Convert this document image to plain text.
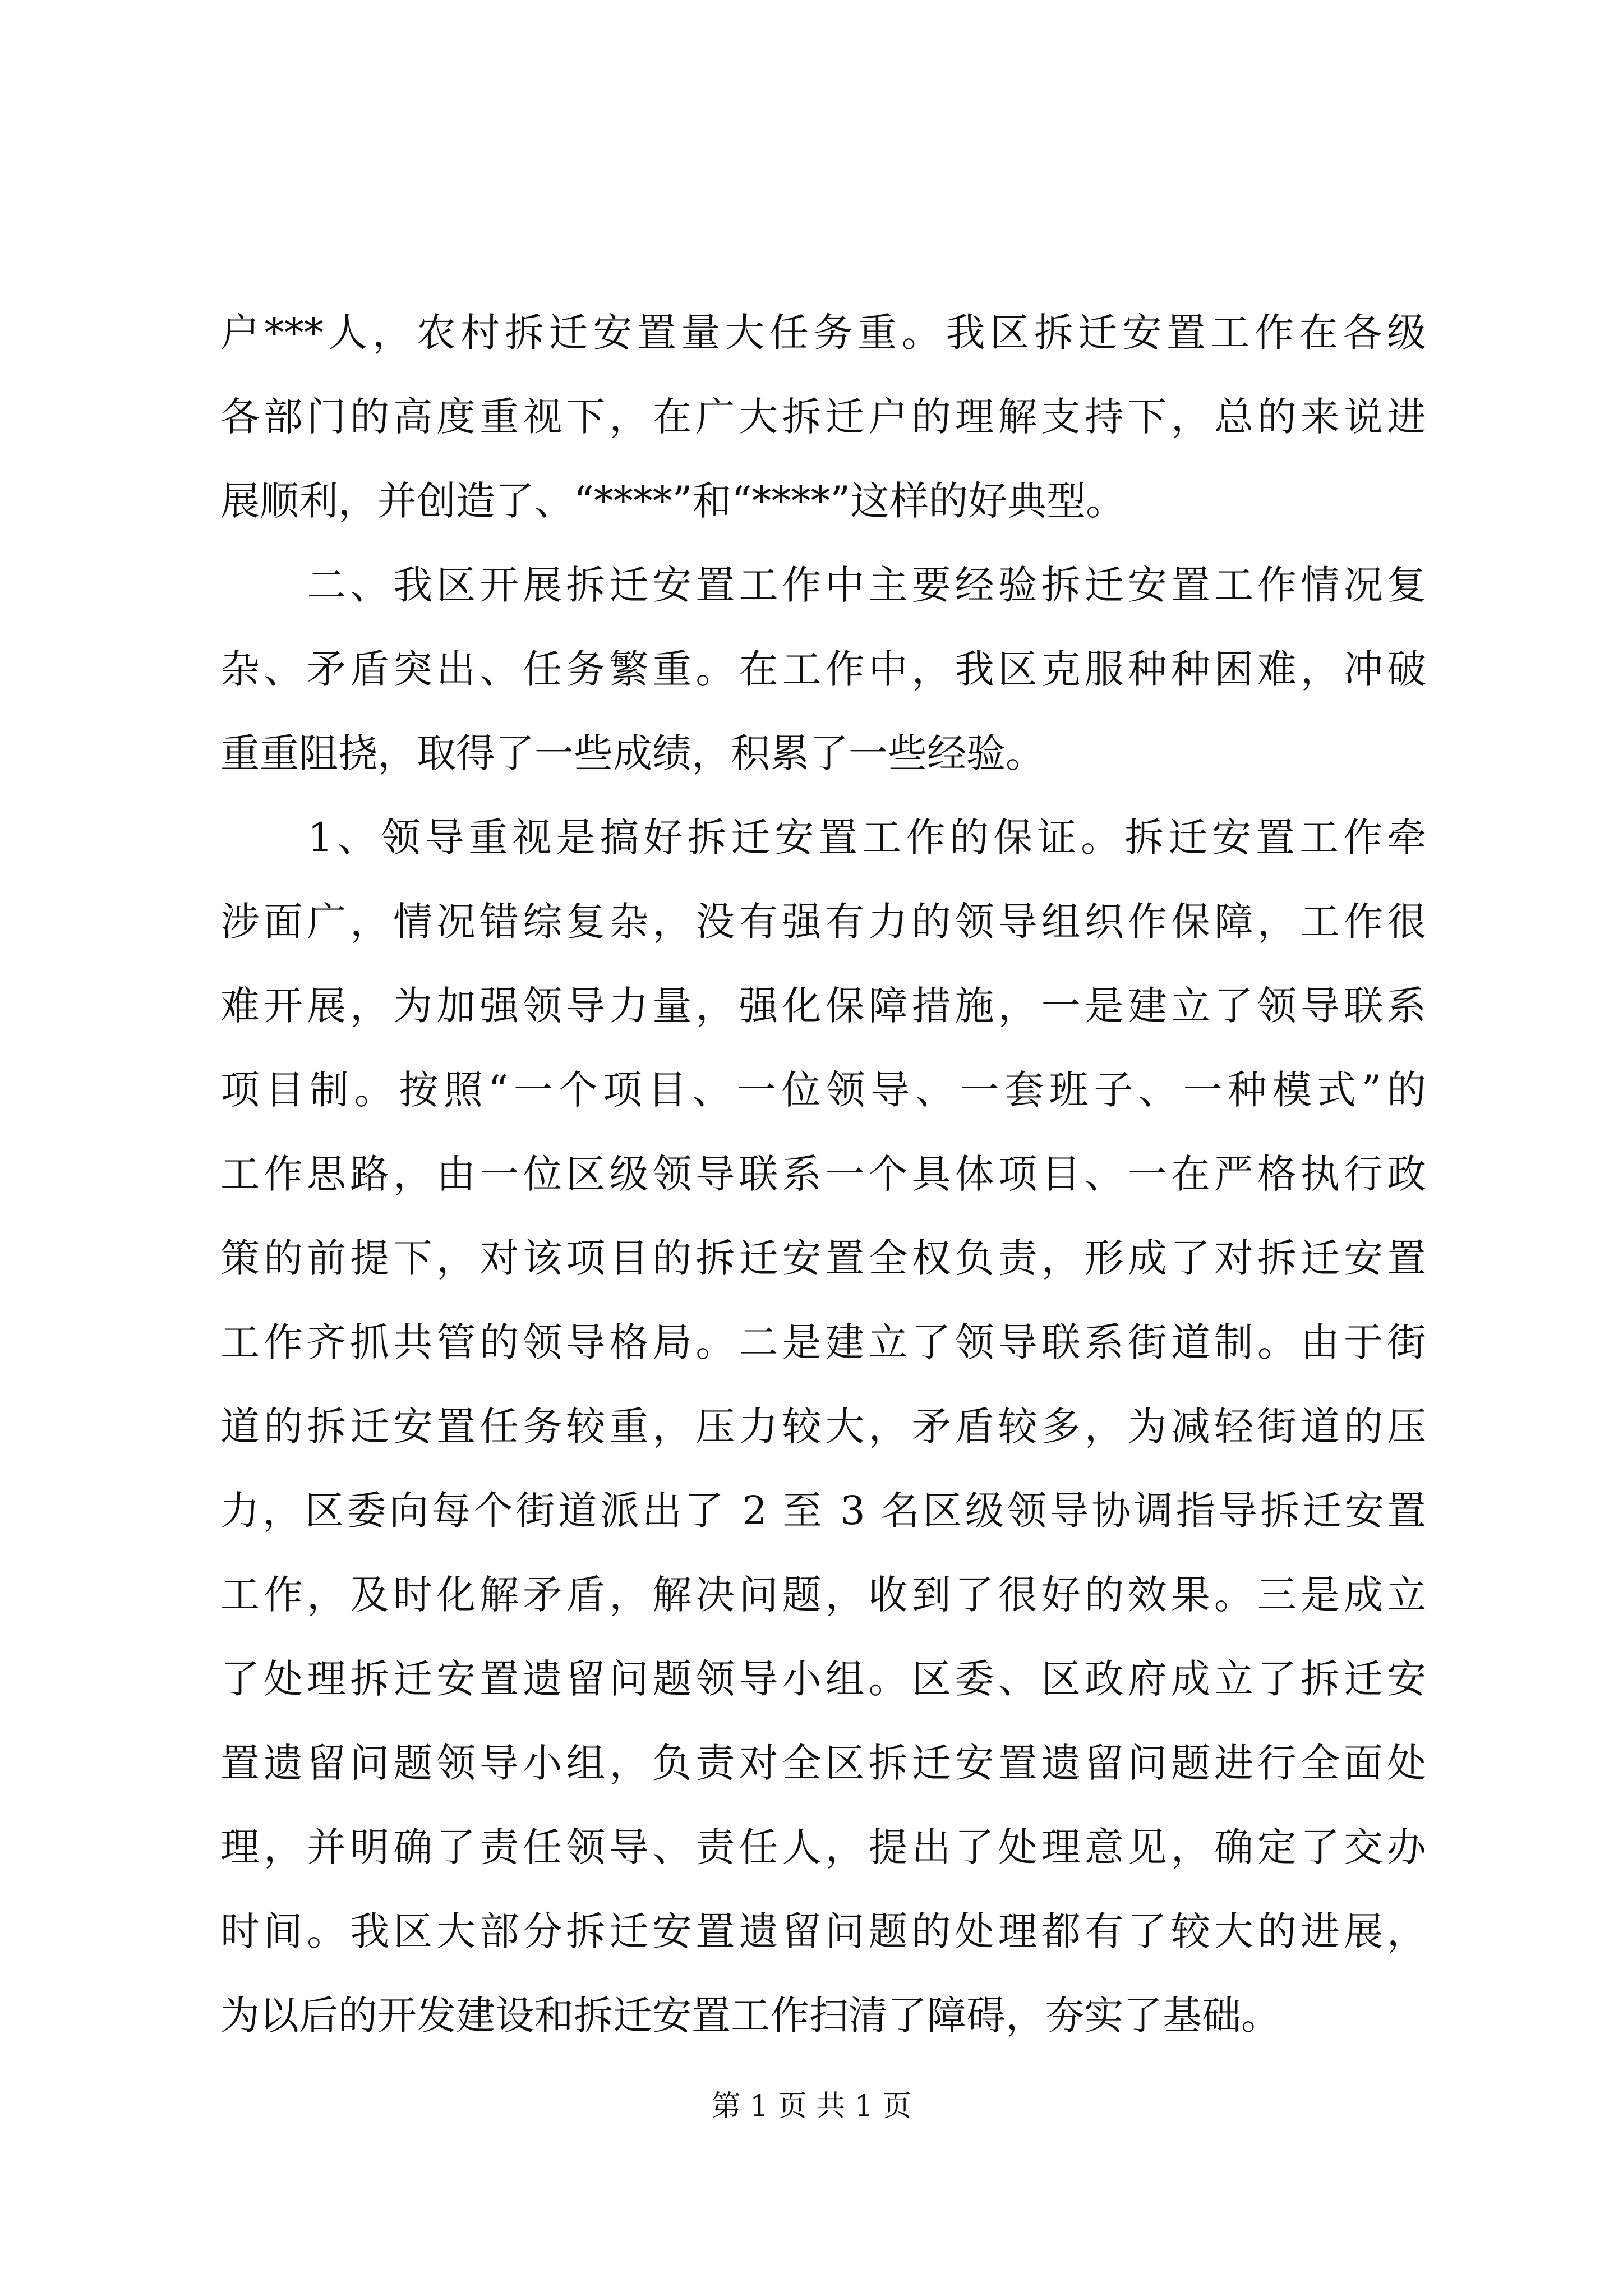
户***人，农村拆迁安置量大任务重。我区拆迁安置工作在各级
各部门的高度重视下，在广大拆迁户的理解支持下，总的来说进
展顺利，并创造了、“****”和“****”这样的好典型。
　　二、我区开展拆迁安置工作中主要经验拆迁安置工作情况复
杂、矛盾突出、任务繁重。在工作中，我区克服种种困难，冲破
重重阻挠，取得了一些成绩，积累了一些经验。
　　1、领导重视是搞好拆迁安置工作的保证。拆迁安置工作牵
涉面广，情况错综复杂，没有强有力的领导组织作保障，工作很
难开展，为加强领导力量，强化保障措施，一是建立了领导联系
项目制。按照“一个项目、一位领导、一套班子、一种模式”的
工作思路，由一位区级领导联系一个具体项目、一在严格执行政
策的前提下，对该项目的拆迁安置全权负责，形成了对拆迁安置
工作齐抓共管的领导格局。二是建立了领导联系街道制。由于街
道的拆迁安置任务较重，压力较大，矛盾较多，为减轻街道的压
力，区委向每个街道派出了 2 至 3 名区级领导协调指导拆迁安置
工作，及时化解矛盾，解决问题，收到了很好的效果。三是成立
了处理拆迁安置遗留问题领导小组。区委、区政府成立了拆迁安
置遗留问题领导小组，负责对全区拆迁安置遗留问题进行全面处
理，并明确了责任领导、责任人，提出了处理意见，确定了交办
时间。我区大部分拆迁安置遗留问题的处理都有了较大的进展，
为以后的开发建设和拆迁安置工作扫清了障碍，夯实了基础。
第 1 页 共 1 页
